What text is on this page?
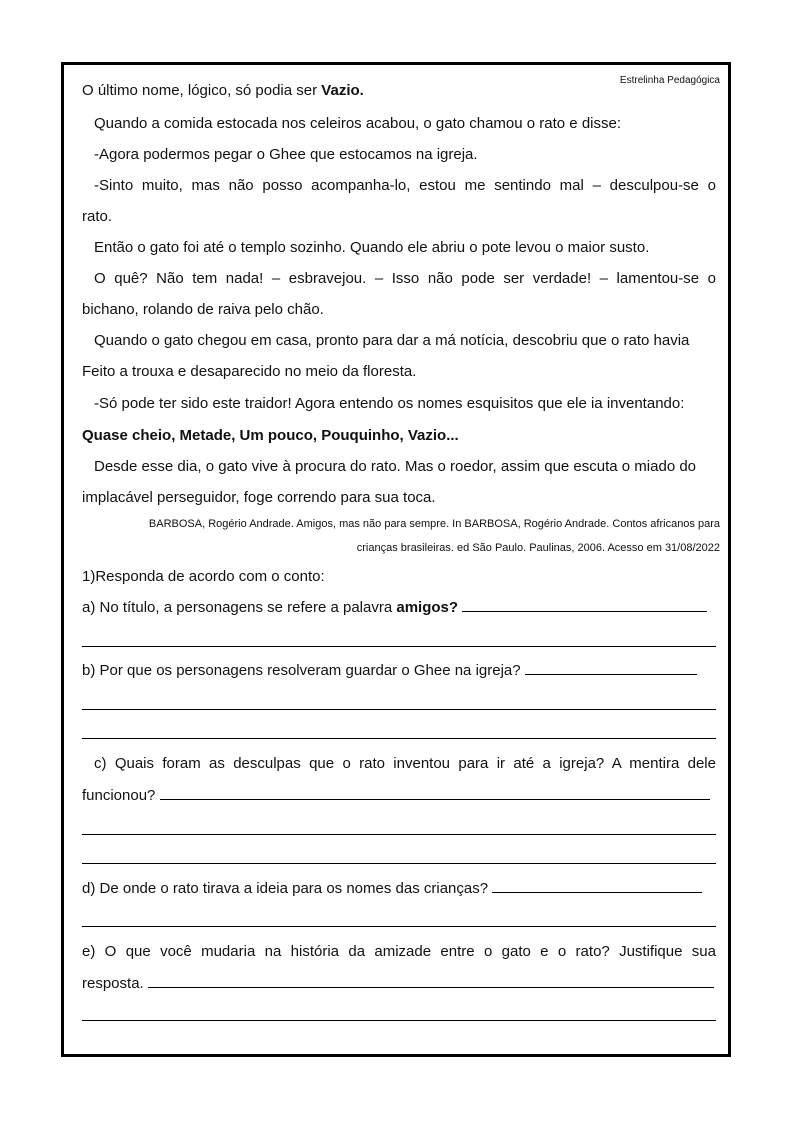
Estrelinha Pedagógica
O último nome, lógico, só podia ser Vazio.
Quando a comida estocada nos celeiros acabou, o gato chamou o rato e disse:
-Agora podermos pegar o Ghee que estocamos na igreja.
-Sinto muito, mas não posso acompanha-lo, estou me sentindo mal – desculpou-se o
rato.
Então o gato foi até o templo sozinho. Quando ele abriu o pote levou o maior susto.
O quê? Não tem nada! – esbravejou. – Isso não pode ser verdade! – lamentou-se o
bichano, rolando de raiva pelo chão.
Quando o gato chegou em casa, pronto para dar a má notícia, descobriu que o rato havia
Feito a trouxa e desaparecido no meio da floresta.
-Só pode ter sido este traidor! Agora entendo os nomes esquisitos que ele ia inventando:
Quase cheio, Metade, Um pouco, Pouquinho, Vazio...
Desde esse dia, o gato vive à procura do rato. Mas o roedor, assim que escuta o miado do
implacável perseguidor, foge correndo para sua toca.
BARBOSA, Rogério Andrade. Amigos, mas não para sempre. In BARBOSA, Rogério Andrade. Contos africanos para
crianças brasileiras. ed São Paulo. Paulinas, 2006. Acesso em 31/08/2022
1)Responda de acordo com o conto:
a) No título, a personagens se refere a palavra amigos?
b) Por que os personagens resolveram guardar o Ghee na igreja?
c) Quais foram as desculpas que o rato inventou para ir até a igreja? A mentira dele
funcionou?
d) De onde o rato tirava a ideia para os nomes das crianças?
e) O que você mudaria na história da amizade entre o gato e o rato? Justifique sua
resposta.
